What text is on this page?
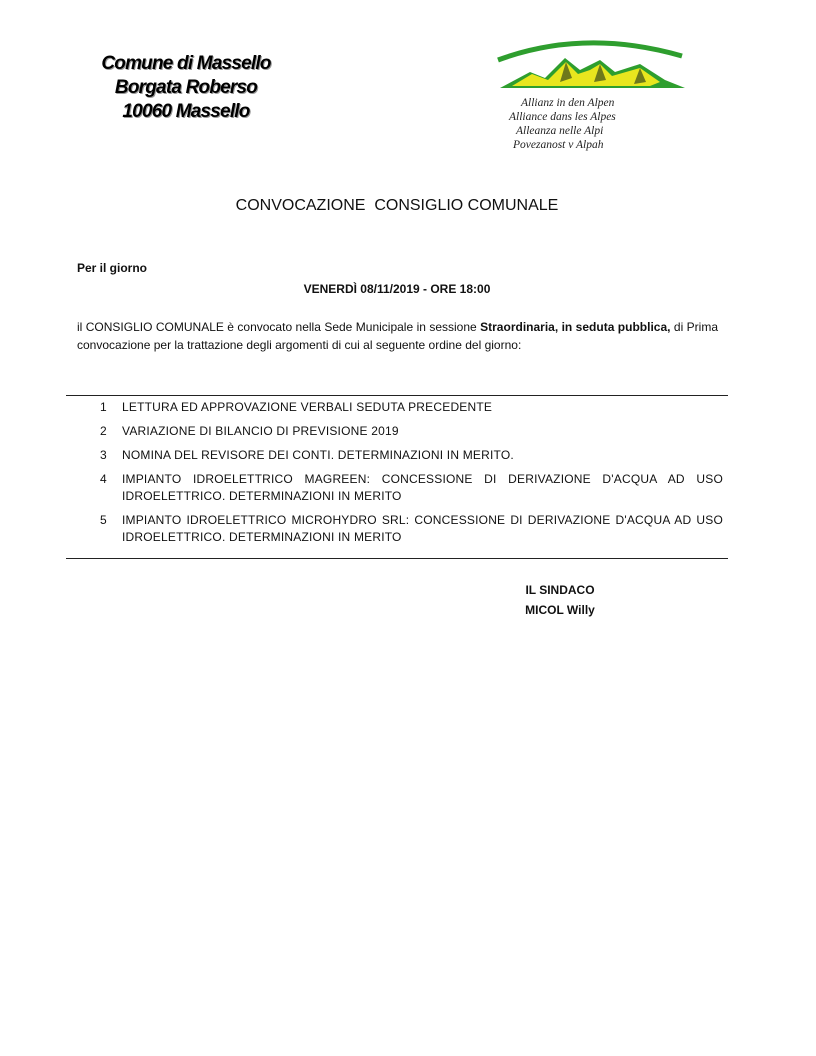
Comune di Massello
Borgata Roberso
10060 Massello	Allianz in den Alpen
Alliance dans les Alpes
Alleanza nelle Alpi
Povezanost v Alpah
CONVOCAZIONE  CONSIGLIO COMUNALE
Per il giorno
VENERDÌ 08/11/2019 - ORE 18:00
il CONSIGLIO COMUNALE è convocato nella Sede Municipale in sessione Straordinaria, in seduta pubblica, di Prima convocazione per la trattazione degli argomenti di cui al seguente ordine del giorno:
1	LETTURA ED APPROVAZIONE VERBALI SEDUTA PRECEDENTE
2	VARIAZIONE DI BILANCIO DI PREVISIONE 2019
3	NOMINA DEL REVISORE DEI CONTI. DETERMINAZIONI IN MERITO.
4	IMPIANTO IDROELETTRICO MAGREEN: CONCESSIONE DI DERIVAZIONE D'ACQUA AD USO IDROELETTRICO. DETERMINAZIONI IN MERITO
5	IMPIANTO IDROELETTRICO MICROHYDRO SRL: CONCESSIONE DI DERIVAZIONE D'ACQUA AD USO IDROELETTRICO. DETERMINAZIONI IN MERITO
IL SINDACO
MICOL Willy
